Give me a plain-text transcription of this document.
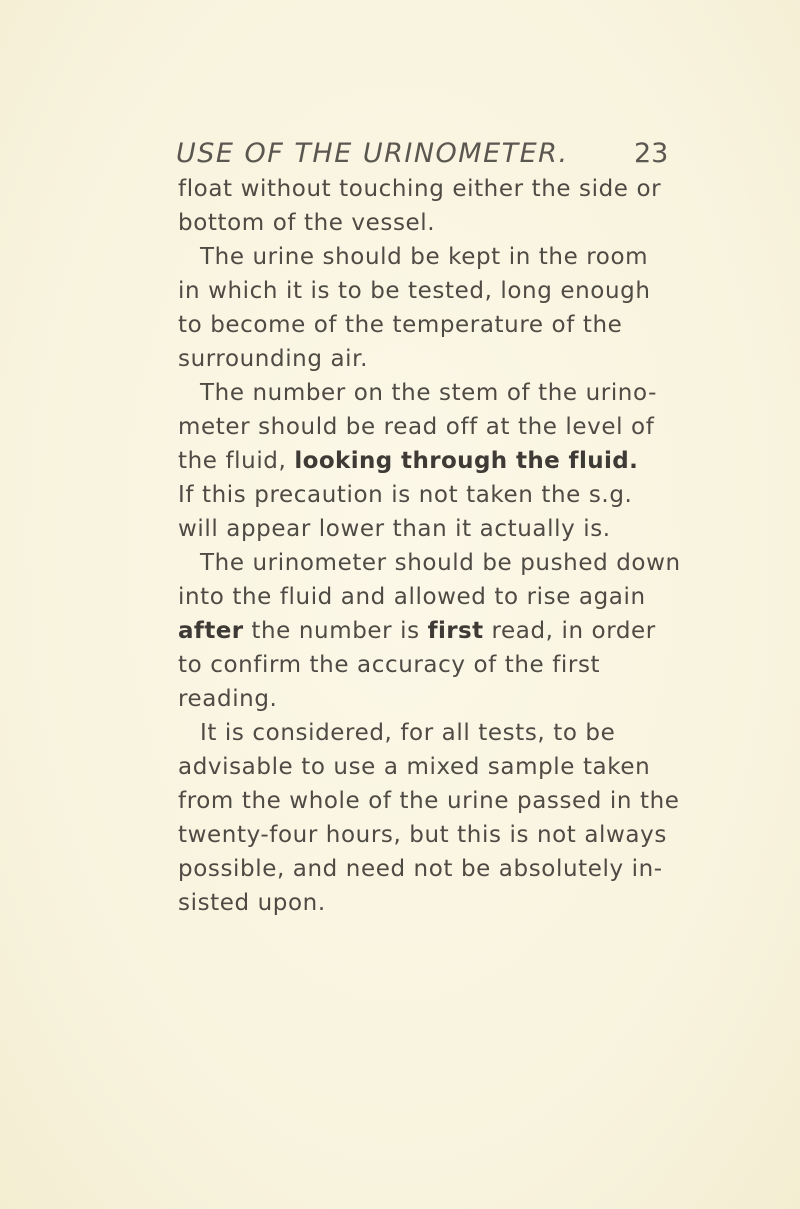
USE OF THE URINOMETER. 23
float without touching either the side or
bottom of the vessel.
The urine should be kept in the room
in which it is to be tested, long enough
to become of the temperature of the
surrounding air.
The number on the stem of the urino-
meter should be read off at the level of
the fluid, looking through the fluid.
If this precaution is not taken the s.g.
will appear lower than it actually is.
The urinometer should be pushed down
into the fluid and allowed to rise again
after the number is first read, in order
to confirm the accuracy of the first
reading.
It is considered, for all tests, to be
advisable to use a mixed sample taken
from the whole of the urine passed in the
twenty-four hours, but this is not always
possible, and need not be absolutely in-
sisted upon.
